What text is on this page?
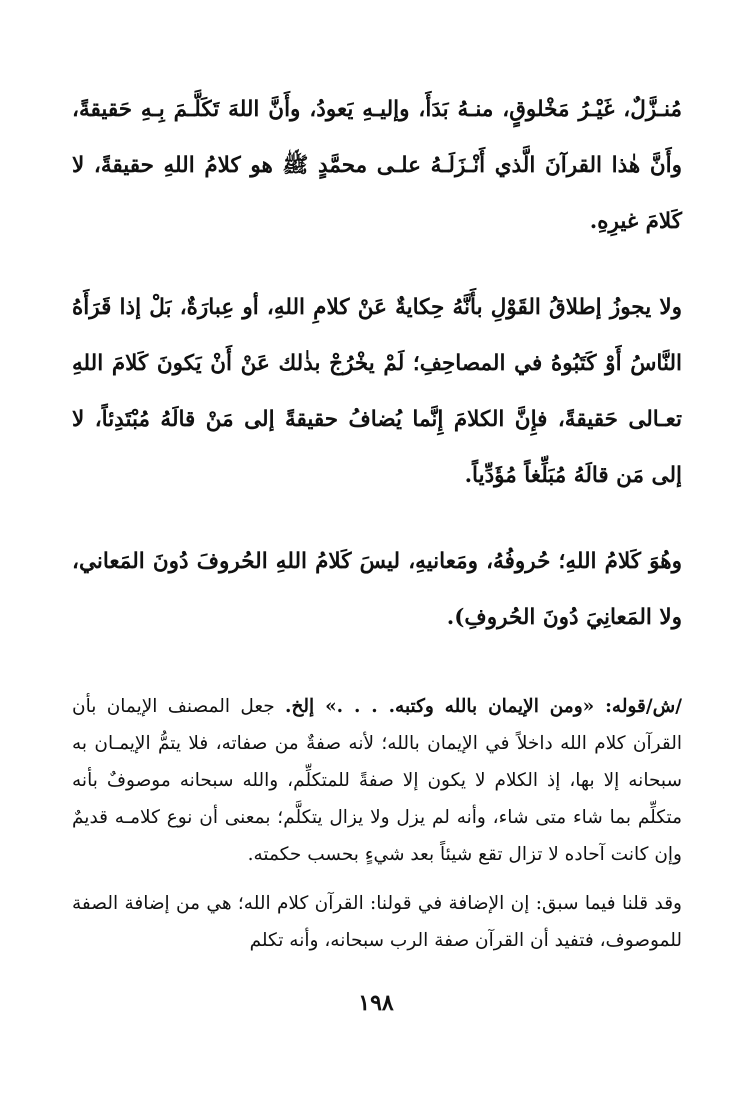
مُنـزَّلٌ، غَيْـرُ مَخْلوقٍ، منـهُ بَدَأَ، وإليـهِ يَعودُ، وأَنَّ اللهَ تَكَلَّـمَ بِـهِ حَقيقةً، وأَنَّ هٰذا القرآنَ الَّذي أَنْـزَلَـهُ علـى محمَّدٍ ﷺ هو كلامُ اللهِ حقيقةً، لا كَلامَ غيرِهِ.

ولا يجوزُ إطلاقُ القَوْلِ بأَنَّهُ حِكايةٌ عَنْ كلامِ اللهِ، أو عِبارَةٌ، بَلْ إذا قَرَأَهُ النَّاسُ أَوْ كَتَبُوهُ في المصاحِفِ؛ لَمْ يخْرُجْ بذٰلك عَنْ أَنْ يَكونَ كَلامَ اللهِ تعـالى حَقيقةً، فإِنَّ الكلامَ إِنَّما يُضافُ حقيقةً إلى مَنْ قالَهُ مُبْتَدِئاً، لا إلى مَن قالَهُ مُبَلِّغاً مُؤَدِّياً.

وهُوَ كَلامُ اللهِ؛ حُروفُهُ، ومَعانيهِ، ليسَ كَلامُ اللهِ الحُروفَ دُونَ المَعاني، ولا المَعانِيَ دُونَ الحُروفِ).

/ش/قوله: «ومن الإيمان بالله وكتبه. . . .» إلخ. جعل المصنف الإيمان بأن القرآن كلام الله داخلاً في الإيمان بالله؛ لأنه صفةٌ من صفاته، فلا يتمُّ الإيمـان به سبحانه إلا بها، إذ الكلام لا يكون إلا صفةً للمتكلِّم، والله سبحانه موصوفٌ بأنه متكلِّم بما شاء متى شاء، وأنه لم يزل ولا يزال يتكلَّم؛ بمعنى أن نوع كلامـه قديمٌ وإن كانت آحاده لا تزال تقع شيئاً بعد شيءٍ بحسب حكمته.

وقد قلنا فيما سبق: إن الإضافة في قولنا: القرآن كلام الله؛ هي من إضافة الصفة للموصوف، فتفيد أن القرآن صفة الرب سبحانه، وأنه تكلم

١٩٨
